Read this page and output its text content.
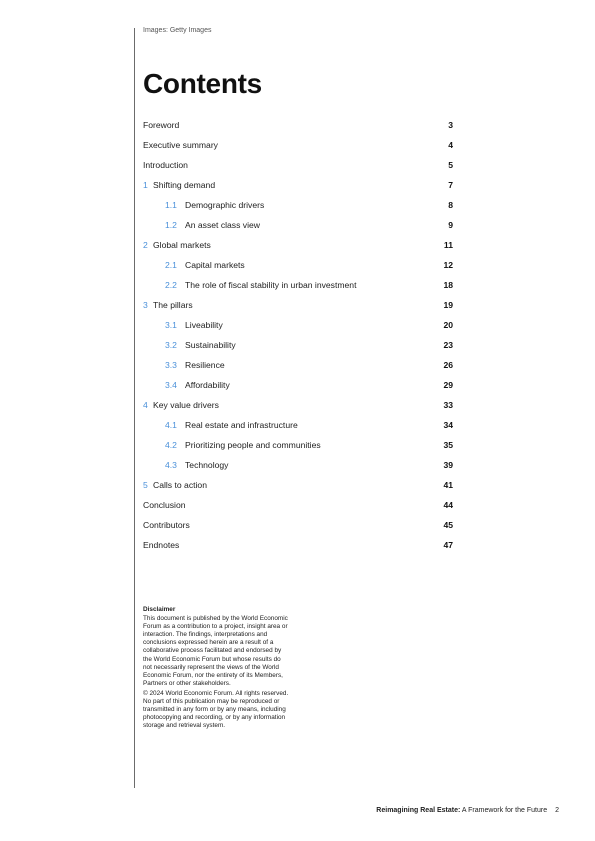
Images: Getty Images
Contents
Foreword	3
Executive summary	4
Introduction	5
1 Shifting demand	7
1.1 Demographic drivers	8
1.2 An asset class view	9
2 Global markets	11
2.1 Capital markets	12
2.2 The role of fiscal stability in urban investment	18
3 The pillars	19
3.1 Liveability	20
3.2 Sustainability	23
3.3 Resilience	26
3.4 Affordability	29
4 Key value drivers	33
4.1 Real estate and infrastructure	34
4.2 Prioritizing people and communities	35
4.3 Technology	39
5 Calls to action	41
Conclusion	44
Contributors	45
Endnotes	47
Disclaimer

This document is published by the World Economic Forum as a contribution to a project, insight area or interaction. The findings, interpretations and conclusions expressed herein are a result of a collaborative process facilitated and endorsed by the World Economic Forum but whose results do not necessarily represent the views of the World Economic Forum, nor the entirety of its Members, Partners or other stakeholders.

© 2024 World Economic Forum. All rights reserved. No part of this publication may be reproduced or transmitted in any form or by any means, including photocopying and recording, or by any information storage and retrieval system.

Reimagining Real Estate: A Framework for the Future 2
